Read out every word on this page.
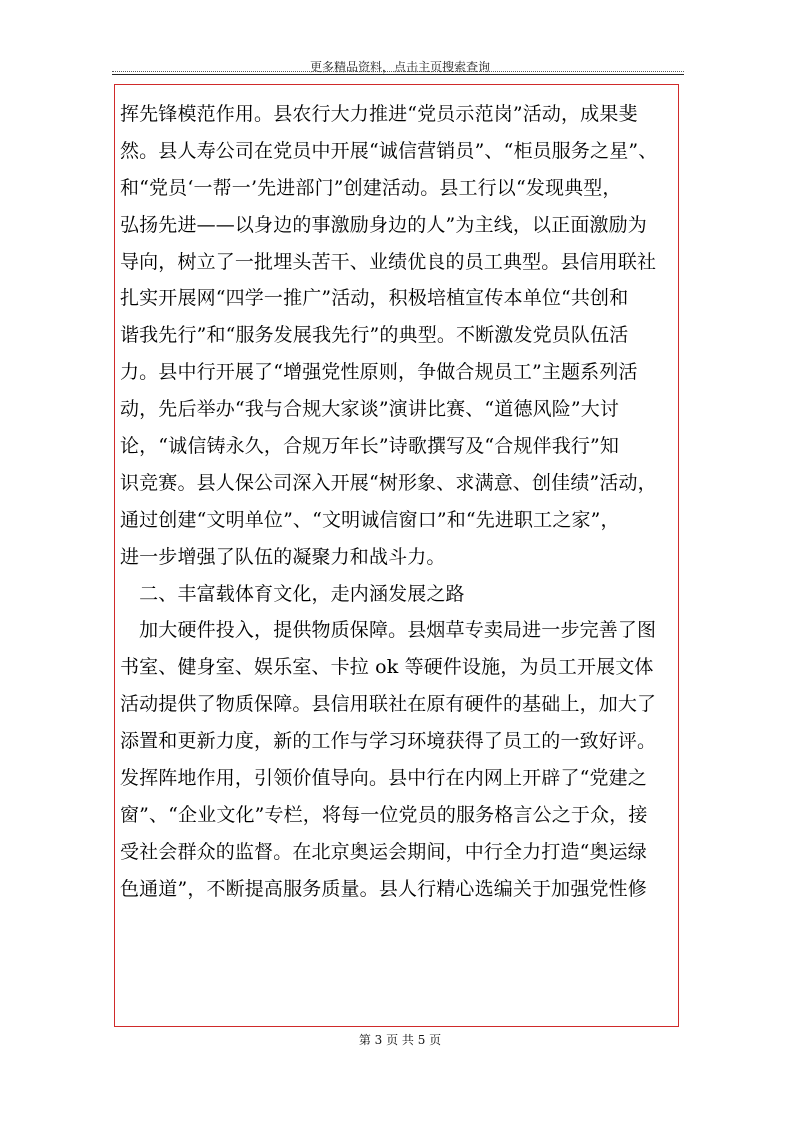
更多精品资料，点击主页搜索查询
挥先锋模范作用。县农行大力推进“党员示范岗”活动，成果斐
然。县人寿公司在党员中开展“诚信营销员”、“柜员服务之星”、
和“党员‘一帮一’先进部门”创建活动。县工行以“发现典型，
弘扬先进——以身边的事激励身边的人”为主线，以正面激励为
导向，树立了一批埋头苦干、业绩优良的员工典型。县信用联社
扎实开展网“四学一推广”活动，积极培植宣传本单位“共创和
谐我先行”和“服务发展我先行”的典型。不断激发党员队伍活
力。县中行开展了“增强党性原则，争做合规员工”主题系列活
动，先后举办“我与合规大家谈”演讲比赛、“道德风险”大讨
论，“诚信铸永久，合规万年长”诗歌撰写及“合规伴我行”知
识竞赛。县人保公司深入开展“树形象、求满意、创佳绩”活动，
通过创建“文明单位”、“文明诚信窗口”和“先进职工之家”，
进一步增强了队伍的凝聚力和战斗力。
　二、丰富载体育文化，走内涵发展之路
　加大硬件投入，提供物质保障。县烟草专卖局进一步完善了图
书室、健身室、娱乐室、卡拉 ok 等硬件设施，为员工开展文体
活动提供了物质保障。县信用联社在原有硬件的基础上，加大了
添置和更新力度，新的工作与学习环境获得了员工的一致好评。
发挥阵地作用，引领价值导向。县中行在内网上开辟了“党建之
窗”、“企业文化”专栏，将每一位党员的服务格言公之于众，接
受社会群众的监督。在北京奥运会期间，中行全力打造“奥运绿
色通道”，不断提高服务质量。县人行精心选编关于加强党性修
第 3 页 共 5 页
